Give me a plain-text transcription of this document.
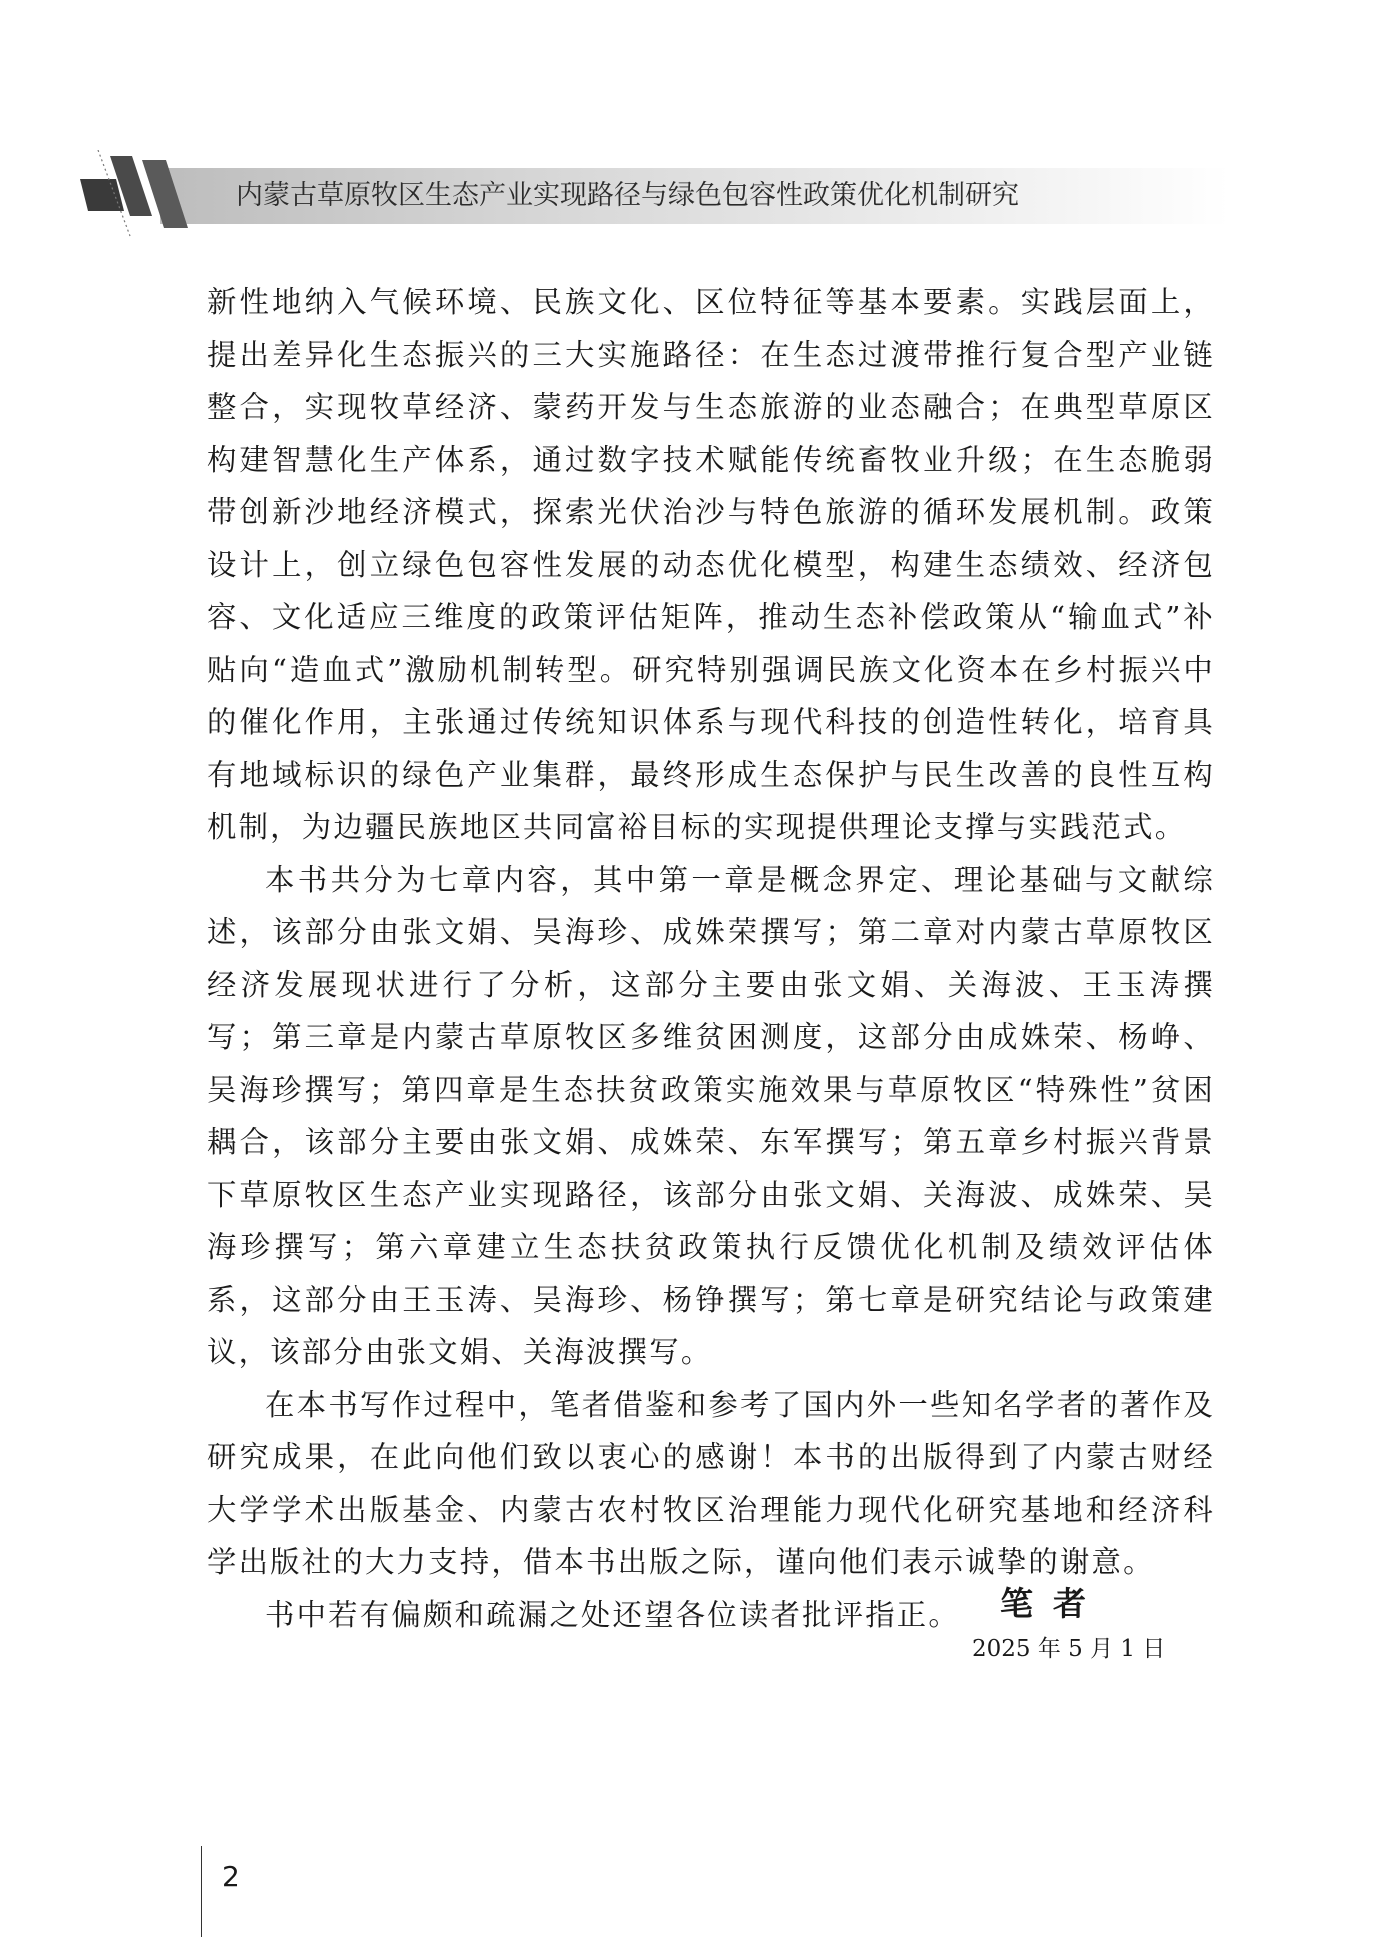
内蒙古草原牧区生态产业实现路径与绿色包容性政策优化机制研究

新性地纳入气候环境、民族文化、区位特征等基本要素。实践层面上，提出差异化生态振兴的三大实施路径：在生态过渡带推行复合型产业链整合，实现牧草经济、蒙药开发与生态旅游的业态融合；在典型草原区构建智慧化生产体系，通过数字技术赋能传统畜牧业升级；在生态脆弱带创新沙地经济模式，探索光伏治沙与特色旅游的循环发展机制。政策设计上，创立绿色包容性发展的动态优化模型，构建生态绩效、经济包容、文化适应三维度的政策评估矩阵，推动生态补偿政策从“输血式”补贴向“造血式”激励机制转型。研究特别强调民族文化资本在乡村振兴中的催化作用，主张通过传统知识体系与现代科技的创造性转化，培育具有地域标识的绿色产业集群，最终形成生态保护与民生改善的良性互构机制，为边疆民族地区共同富裕目标的实现提供理论支撑与实践范式。

本书共分为七章内容，其中第一章是概念界定、理论基础与文献综述，该部分由张文娟、吴海珍、成姝荣撰写；第二章对内蒙古草原牧区经济发展现状进行了分析，这部分主要由张文娟、关海波、王玉涛撰写；第三章是内蒙古草原牧区多维贫困测度，这部分由成姝荣、杨峥、吴海珍撰写；第四章是生态扶贫政策实施效果与草原牧区“特殊性”贫困耦合，该部分主要由张文娟、成姝荣、东军撰写；第五章乡村振兴背景下草原牧区生态产业实现路径，该部分由张文娟、关海波、成姝荣、吴海珍撰写；第六章建立生态扶贫政策执行反馈优化机制及绩效评估体系，这部分由王玉涛、吴海珍、杨铮撰写；第七章是研究结论与政策建议，该部分由张文娟、关海波撰写。

在本书写作过程中，笔者借鉴和参考了国内外一些知名学者的著作及研究成果，在此向他们致以衷心的感谢！本书的出版得到了内蒙古财经大学学术出版基金、内蒙古农村牧区治理能力现代化研究基地和经济科学出版社的大力支持，借本书出版之际，谨向他们表示诚挚的谢意。

书中若有偏颇和疏漏之处还望各位读者批评指正。	笔者
2025 年 5 月 1 日
2
